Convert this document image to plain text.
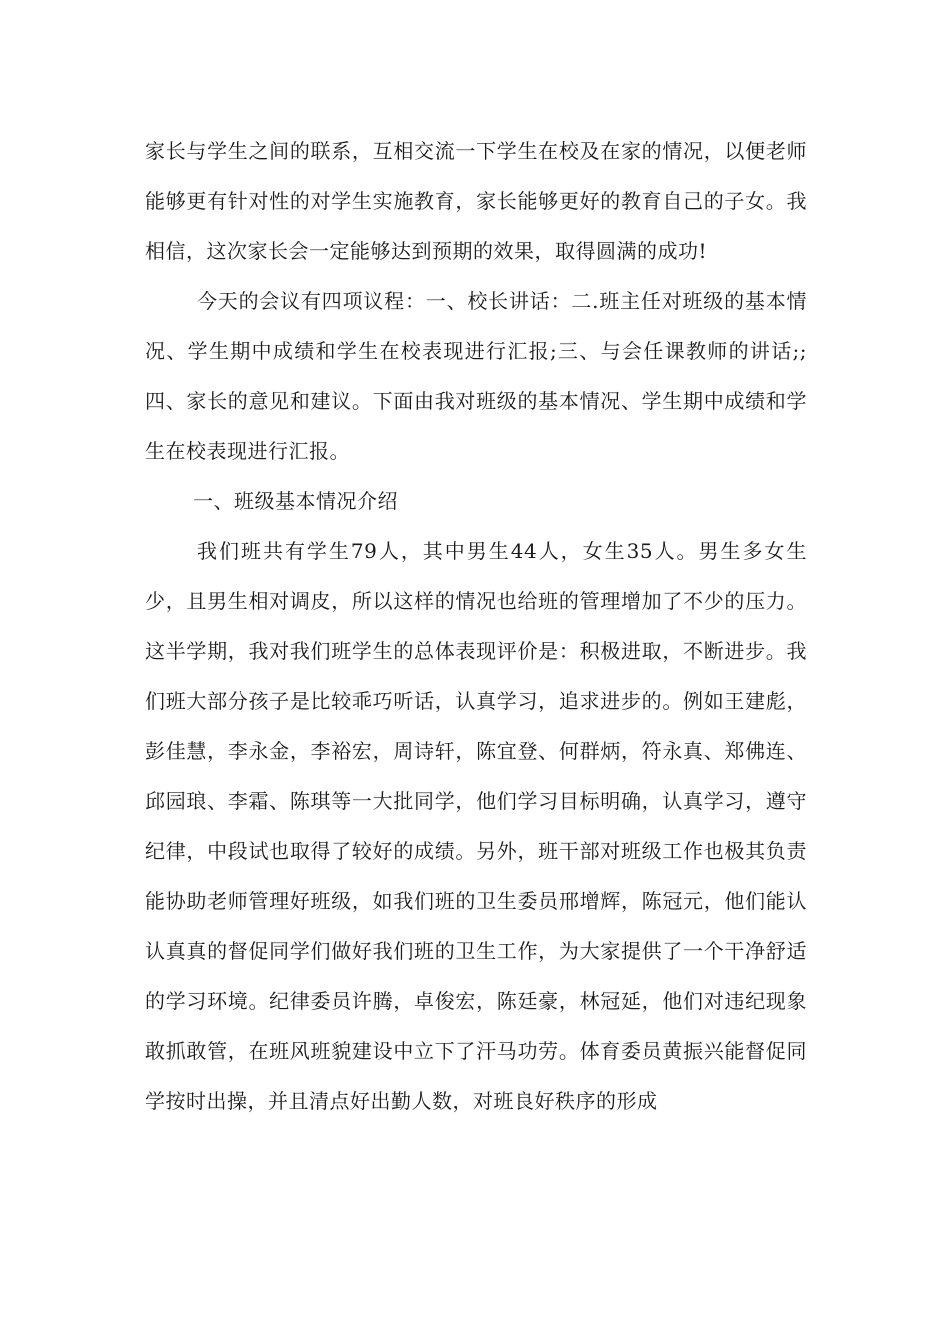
家长与学生之间的联系，互相交流一下学生在校及在家的情况，以便老师能够更有针对性的对学生实施教育，家长能够更好的教育自己的子女。我相信，这次家长会一定能够达到预期的效果，取得圆满的成功!

今天的会议有四项议程：一、校长讲话：二.班主任对班级的基本情况、学生期中成绩和学生在校表现进行汇报;三、与会任课教师的讲话;;四、家长的意见和建议。下面由我对班级的基本情况、学生期中成绩和学生在校表现进行汇报。

一、班级基本情况介绍

我们班共有学生79人，其中男生44人，女生35人。男生多女生少，且男生相对调皮，所以这样的情况也给班的管理增加了不少的压力。这半学期，我对我们班学生的总体表现评价是：积极进取，不断进步。我们班大部分孩子是比较乖巧听话，认真学习，追求进步的。例如王建彪，彭佳慧，李永金，李裕宏，周诗轩，陈宜登、何群炳，符永真、郑佛连、邱园琅、李霜、陈琪等一大批同学，他们学习目标明确，认真学习，遵守纪律，中段试也取得了较好的成绩。另外，班干部对班级工作也极其负责能协助老师管理好班级，如我们班的卫生委员邢增辉，陈冠元，他们能认认真真的督促同学们做好我们班的卫生工作，为大家提供了一个干净舒适的学习环境。纪律委员许腾，卓俊宏，陈廷豪，林冠延，他们对违纪现象敢抓敢管，在班风班貌建设中立下了汗马功劳。体育委员黄振兴能督促同学按时出操，并且清点好出勤人数，对班良好秩序的形成
